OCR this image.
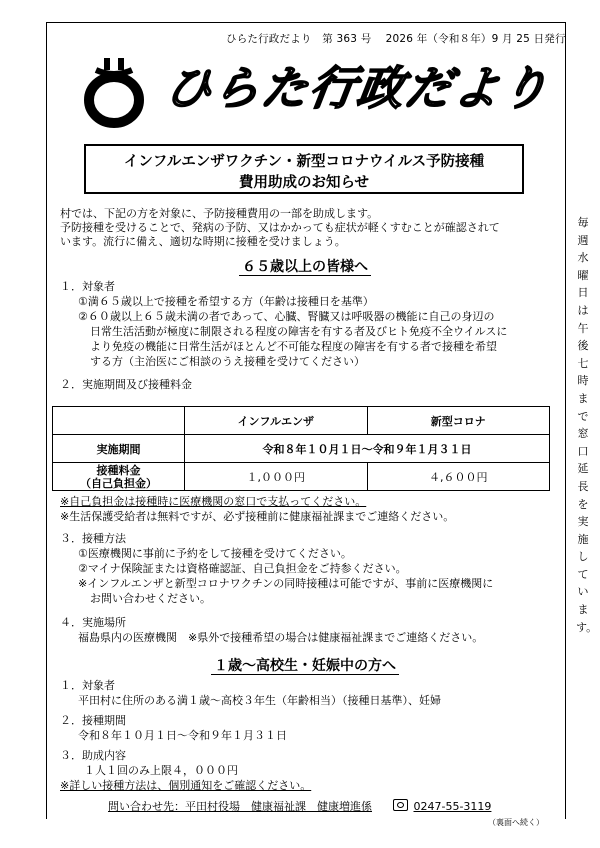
ひらた行政だより　第 363 号　 2026 年（令和８年）9 月 25 日発行
ひらた行政だより
インフルエンザワクチン・新型コロナウイルス予防接種
費用助成のお知らせ
村では、下記の方を対象に、予防接種費用の一部を助成します。
予防接種を受けることで、発病の予防、又はかかっても症状が軽くすむことが確認されて
います。流行に備え、適切な時期に接種を受けましょう。
６５歳以上の皆様へ
１．対象者
①満６５歳以上で接種を希望する方（年齢は接種日を基準）
②６０歳以上６５歳未満の者であって、心臓、腎臓又は呼吸器の機能に自己の身辺の
日常生活活動が極度に制限される程度の障害を有する者及びヒト免疫不全ウイルスに
より免疫の機能に日常生活がほとんど不可能な程度の障害を有する者で接種を希望
する方（主治医にご相談のうえ接種を受けてください）
２．実施期間及び接種料金
	インフルエンザ	新型コロナ
実施期間	令和８年１０月１日～令和９年１月３１日	

接種料金
（自己負担金）	１,０００円	４,６００円
※自己負担金は接種時に医療機関の窓口で支払ってください。
※生活保護受給者は無料ですが、必ず接種前に健康福祉課までご連絡ください。
３．接種方法
①医療機関に事前に予約をして接種を受けてください。
②マイナ保険証または資格確認証、自己負担金をご持参ください。
※インフルエンザと新型コロナワクチンの同時接種は可能ですが、事前に医療機関に
お問い合わせください。
４．実施場所
福島県内の医療機関　※県外で接種希望の場合は健康福祉課までご連絡ください。
１歳～高校生・妊娠中の方へ
１．対象者
平田村に住所のある満１歳～高校３年生（年齢相当）（接種日基準）、妊婦
２．接種期間
令和８年１０月１日～令和９年１月３１日
３．助成内容
１人１回のみ上限４，０００円
※詳しい接種方法は、個別通知をご確認ください。
問い合わせ先：平田村役場　健康福祉課　健康増進係	0247-55-3119
毎週水曜日は午後七時まで窓口延長を実施しています。
（裏面へ続く）
